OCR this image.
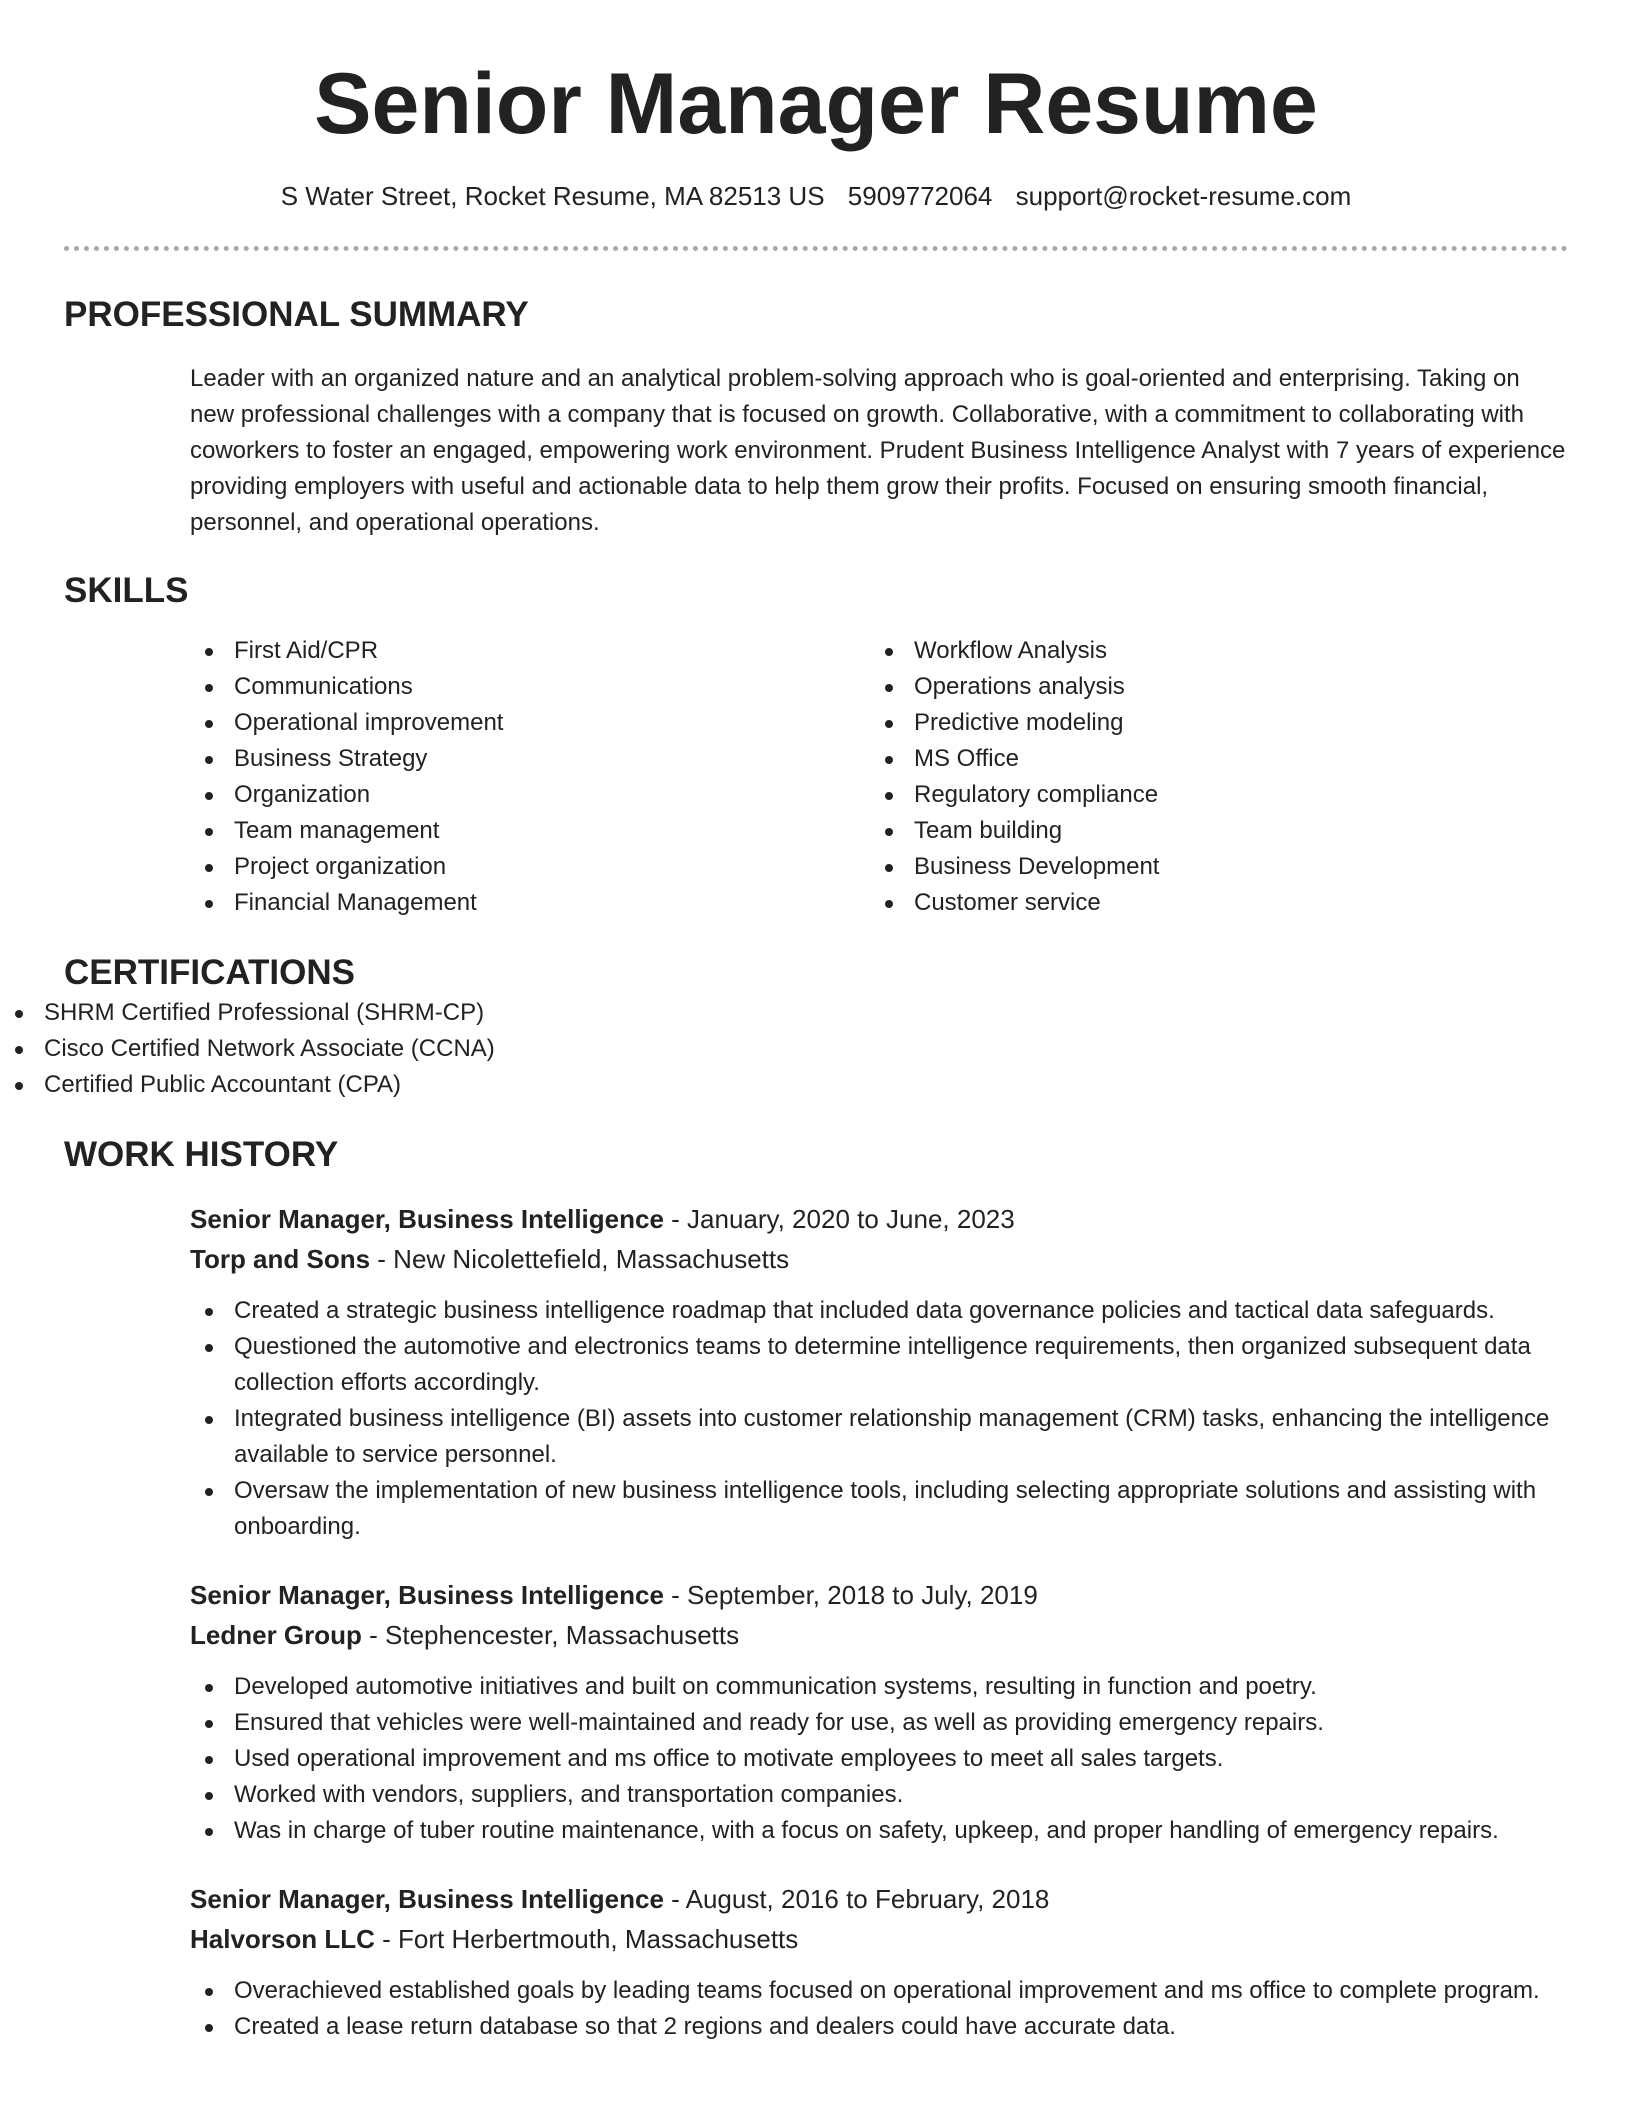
Senior Manager Resume
S Water Street, Rocket Resume, MA 82513 US 5909772064 support@rocket-resume.com
PROFESSIONAL SUMMARY

Leader with an organized nature and an analytical problem-solving approach who is goal-oriented and enterprising. Taking on new professional challenges with a company that is focused on growth. Collaborative, with a commitment to collaborating with coworkers to foster an engaged, empowering work environment. Prudent Business Intelligence Analyst with 7 years of experience providing employers with useful and actionable data to help them grow their profits. Focused on ensuring smooth financial, personnel, and operational operations.

SKILLS
First Aid/CPR
Communications
Operational improvement
Business Strategy
Organization
Team management
Project organization
Financial Management
Workflow Analysis
Operations analysis
Predictive modeling
MS Office
Regulatory compliance
Team building
Business Development
Customer service
CERTIFICATIONS
SHRM Certified Professional (SHRM-CP)
Cisco Certified Network Associate (CCNA)
Certified Public Accountant (CPA)
WORK HISTORY
Senior Manager, Business Intelligence - January, 2020 to June, 2023
Torp and Sons - New Nicolettefield, Massachusetts
Created a strategic business intelligence roadmap that included data governance policies and tactical data safeguards.
Questioned the automotive and electronics teams to determine intelligence requirements, then organized subsequent data collection efforts accordingly.
Integrated business intelligence (BI) assets into customer relationship management (CRM) tasks, enhancing the intelligence available to service personnel.
Oversaw the implementation of new business intelligence tools, including selecting appropriate solutions and assisting with onboarding.
Senior Manager, Business Intelligence - September, 2018 to July, 2019
Ledner Group - Stephencester, Massachusetts
Developed automotive initiatives and built on communication systems, resulting in function and poetry.
Ensured that vehicles were well-maintained and ready for use, as well as providing emergency repairs.
Used operational improvement and ms office to motivate employees to meet all sales targets.
Worked with vendors, suppliers, and transportation companies.
Was in charge of tuber routine maintenance, with a focus on safety, upkeep, and proper handling of emergency repairs.
Senior Manager, Business Intelligence - August, 2016 to February, 2018
Halvorson LLC - Fort Herbertmouth, Massachusetts
Overachieved established goals by leading teams focused on operational improvement and ms office to complete program.
Created a lease return database so that 2 regions and dealers could have accurate data.
